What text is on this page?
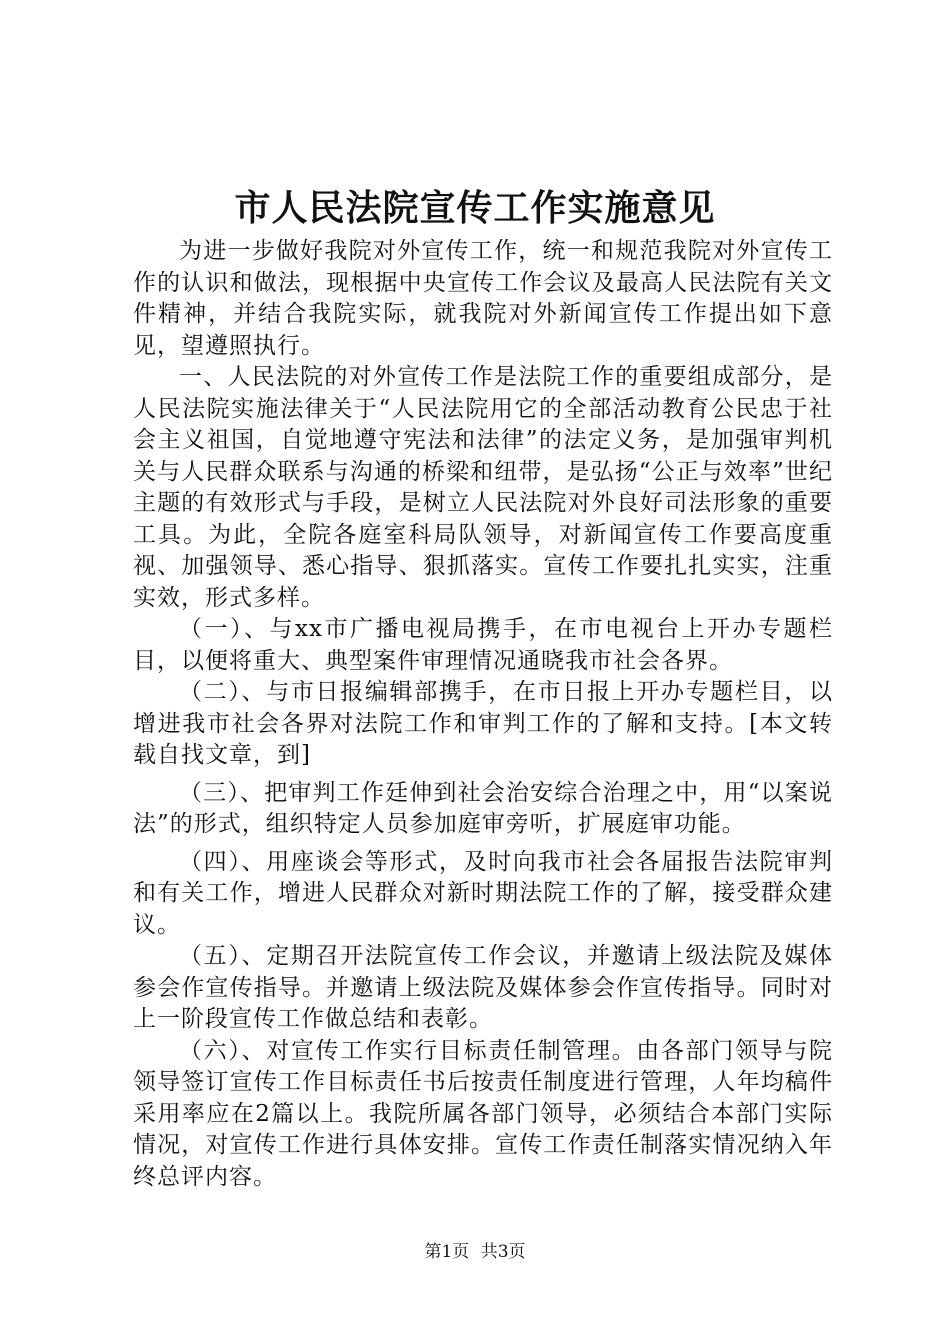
市人民法院宣传工作实施意见

为进一步做好我院对外宣传工作，统一和规范我院对外宣传工作的认识和做法，现根据中央宣传工作会议及最高人民法院有关文件精神，并结合我院实际，就我院对外新闻宣传工作提出如下意见，望遵照执行。

一、人民法院的对外宣传工作是法院工作的重要组成部分，是人民法院实施法律关于“人民法院用它的全部活动教育公民忠于社会主义祖国，自觉地遵守宪法和法律”的法定义务，是加强审判机关与人民群众联系与沟通的桥梁和纽带，是弘扬“公正与效率”世纪主题的有效形式与手段，是树立人民法院对外良好司法形象的重要工具。为此，全院各庭室科局队领导，对新闻宣传工作要高度重视、加强领导、悉心指导、狠抓落实。宣传工作要扎扎实实，注重实效，形式多样。

（一）、与xx市广播电视局携手，在市电视台上开办专题栏目，以便将重大、典型案件审理情况通晓我市社会各界。

（二）、与市日报编辑部携手，在市日报上开办专题栏目，以增进我市社会各界对法院工作和审判工作的了解和支持。[本文转载自找文章，到]

（三）、把审判工作廷伸到社会治安综合治理之中，用“以案说法”的形式，组织特定人员参加庭审旁听，扩展庭审功能。

（四）、用座谈会等形式，及时向我市社会各届报告法院审判和有关工作，增进人民群众对新时期法院工作的了解，接受群众建议。

（五）、定期召开法院宣传工作会议，并邀请上级法院及媒体参会作宣传指导。并邀请上级法院及媒体参会作宣传指导。同时对上一阶段宣传工作做总结和表彰。

（六）、对宣传工作实行目标责任制管理。由各部门领导与院领导签订宣传工作目标责任书后按责任制度进行管理，人年均稿件采用率应在2篇以上。我院所属各部门领导，必须结合本部门实际情况，对宣传工作进行具体安排。宣传工作责任制落实情况纳入年终总评内容。

第1页 共3页
